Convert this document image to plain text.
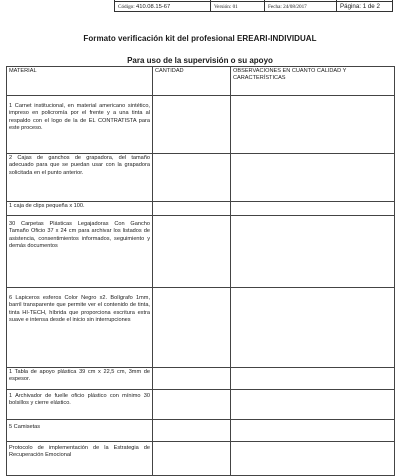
Código: 410.08.15-67	Versión: 01	Fecha: 24/08/2017	Página: 1 de 2
Formato verificación kit del profesional EREARI-INDIVIDUAL
Para uso de la supervisión o su apoyo
MATERIAL	CANTIDAD	OBSERVACIONES EN CUANTO CALIDAD Y CARACTERÍSTICAS

1 Carnet institucional, en material americano sintético, impreso en policromía por el frente y a una tinta al respaldo con el logo de la de EL CONTRATISTA para este proceso.		

2 Cajas de ganchos de grapadora, del tamaño adecuado para que se puedan usar con la grapadora solicitada en el punto anterior.		
1 caja de clips pequeña x 100.		

30 Carpetas Plásticas Legajadoras Con Gancho Tamaño Oficio 37 x 24 cm para archivar los listados de asistencia, consentimientos informados, seguimiento y demás documentos		

6 Lapiceros esferos Color Negro x2. Bolígrafo 1mm, barril transparente que permite ver el contenido de tinta, tinta HI-TECH, híbrida que proporciona escritura extra suave e intensa desde el inicio sin interrupciones		

1 Tabla de apoyo plástica 39 cm x 22,5 cm, 3mm de espesor.		

1 Archivador de fuelle oficio plástico con mínimo 30 bolsillos y cierre elástico.		

5 Camisetas		

Protocolo de implementación de la Estrategia de Recuperación Emocional		
